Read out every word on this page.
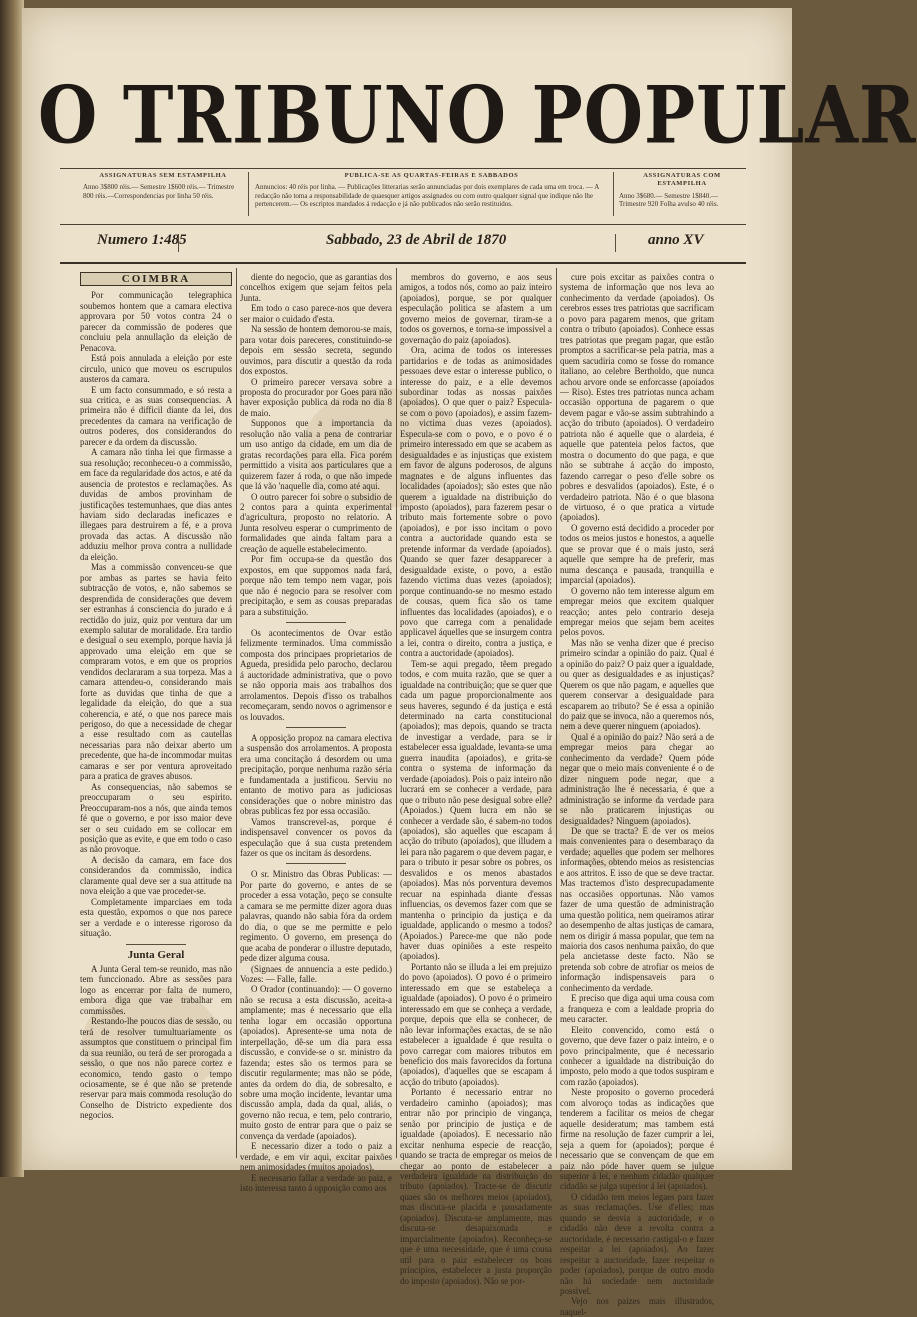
O TRIBUNO POPULAR
ASSIGNATURAS SEM ESTAMPILHA
Anno 3$800 réis.— Semestre 1$600 réis.— Trimestre 800 réis.—Correspondencias por linha 50 réis.
PUBLICA-SE AS QUARTAS-FEIRAS E SABBADOS
Annuncios: 40 réis por linha. — Publicações litterarias serão annunciadas por dois exemplares de cada uma em troca. — A redacção não toma a responsabilidade de quaesquer artigos assignados ou com outro qualquer signal que indique não lhe pertencerem.— Os escriptos mandados á redacção e já não publicados não serão restituidos.
ASSIGNATURAS COM ESTAMPILHA
Anno 3$680.— Semestre 1$840.— Trimestre 920 Folha avulso 40 réis.
Numero 1:485	Sabbado, 23 de Abril de 1870	anno XV
COIMBRA

Por communicação telegraphica soubemos hontem que a camara electiva approvara por 50 votos contra 24 o parecer da commissão de poderes que concluiu pela annullação da eleição de Penacova.

Está pois annulada a eleição por este circulo, unico que moveu os escrupulos austeros da camara.

E um facto consummado, e só resta a sua critica, e as suas consequencias. A primeira não é difficil diante da lei, dos precedentes da camara na verificação de outros poderes, dos considerandos do parecer e da ordem da discussão.

A camara não tinha lei que firmasse a sua resolução; reconheceu-o a commissão, em face da regularidade dos actos, e até da ausencia de protestos e reclamações. As duvidas de ambos provinham de justificações testemunhaes, que dias antes haviam sido declaradas ineficazes e illegaes para destruirem a fé, e a prova provada das actas. A discussão não adduziu melhor prova contra a nullidade da eleição.

Mas a commissão convenceu-se que por ambas as partes se havia feito subtracção de votos, e, não sabemos se desprendida de considerações que devem ser estranhas á consciencia do jurado e á rectidão do juiz, quiz por ventura dar um exemplo salutar de moralidade. Era tardio e desigual o seu exemplo, porque havia já approvado uma eleição em que se compraram votos, e em que os proprios vendidos declararam a sua torpeza. Mas a camara attendeu-o, considerando mais forte as duvidas que tinha de que a legalidade da eleição, do que a sua coherencia, e até, o que nos parece mais perigoso, do que a necessidade de chegar a esse resultado com as cautellas necessarias para não deixar aberto um precedente, que ha-de incommodar muitas camaras e ser por ventura aproveitado para a pratica de graves abusos.

As consequencias, não sabemos se preoccuparam o seu espirito. Preoccuparam-nos a nós, que ainda temos fé que o governo, e por isso maior deve ser o seu cuidado em se collocar em posição que as evite, e que em todo o caso as não provoque.

A decisão da camara, em face dos considerandos da commissão, indica claramente qual deve ser a sua attitude na nova eleição a que vae proceder-se.

Completamente imparciaes em toda esta questão, expomos o que nos parece ser a verdade e o interesse rigoroso da situação.

Junta Geral

A Junta Geral tem-se reunido, mas não tem funccionado. Abre as sessões para logo as encerrar por falta de numero, embora diga que vae trabalhar em commissões.

Restando-lhe poucos dias de sessão, ou terá de resolver tumultuariamente os assumptos que constituem o principal fim da sua reunião, ou terá de ser prorogada a sessão, o que nos não parece cortez e economico, tendo gasto o tempo ociosamente, se é que não se pretende reservar para mais commoda resolução do Conselho de Districto expediente dos negocios.

diente do negocio, que as garantias dos concelhos exigem que sejam feitos pela Junta.

Em todo o caso parece-nos que devera ser maior o cuidado d'esta.

Na sessão de hontem demorou-se mais, para votar dois pareceres, constituindo-se depois em sessão secreta, segundo ouvimos, para discutir a questão da roda dos expostos.

O primeiro parecer versava sobre a proposta do procurador por Goes para não haver exposição publica da roda no dia 8 de maio.

Supponos que a importancia da resolução não valia a pena de contrariar um uso antigo da cidade, em um dia de gratas recordações para ella. Fica porém permittido a visita aos particulares que a quizerem fazer á roda, o que não impede que lá vão 'naquelle dia, como até aqui.

O outro parecer foi sobre o subsidio de 2 contos para a quinta experimental d'agricultura, proposto no relatorio. A Junta resolveu esperar o cumprimento de formalidades que ainda faltam para a creação de aquelle estabelecimento.

Por fim occupa-se da questão dos expostos, em que suppomos nada fará, porque não tem tempo nem vagar, pois que não é negocio para se resolver com precipitação, e sem as cousas preparadas para a substituição.

Os acontecimentos de Ovar estão felizmente terminados. Uma commissão composta dos principaes proprietarios de Agueda, presidida pelo parocho, declarou á auctoridade administrativa, que o povo se não opporia mais aos trabalhos dos arrolamentos. Depois d'isso os trabalhos recomeçaram, sendo novos o agrimensor e os louvados.

A opposição propoz na camara electiva a suspensão dos arrolamentos. A proposta era uma concitação á desordem ou uma precipitação, porque nenhuma razão séria e fundamentada a justificou. Serviu no entanto de motivo para as judiciosas considerações que o nobre ministro das obras publicas fez por essa occasião.

Vamos transcrevel-as, porque é indispensavel convencer os povos da especulação que á sua custa pretendem fazer os que os incitam ás desordens.

O sr. Ministro das Obras Publicas: — Por parte do governo, e antes de se proceder a essa votação, peço se consulte a camara se me permitte dizer agora duas palavras, quando não sabia fóra da ordem do dia, o que se me permitte e pelo regimento. O governo, em presença do que acaba de ponderar o illustre deputado, pede dizer alguma cousa.

(Signaes de annuencia a este pedido.) Vozes: — Falle, falle.

O Orador (continuando): — O governo não se recusa a esta discussão, aceita-a amplamente; mas é necessario que ella tenha logar em occasião opportuna (apoiados). Apresente-se uma nota de interpellação, dê-se um dia para essa discussão, e convide-se o sr. ministro da fazenda; estes são os termos para se discutir regularmente; mas não se póde, antes da ordem do dia, de sobresalto, e sobre uma moção incidente, levantar uma discussão ampla, dada da qual, aliás, o governo não recua, e tem, pelo contrario, muito gosto de entrar para que o paiz se convença da verdade (apoiados).

E necessario dizer a todo o paiz a verdade, e em vir aqui, excitar paixões nem animosidades (muitos apoiados).

E necessario fallar a verdade ao paiz, e isto interessa tanto á opposição como aos

membros do governo, e aos seus amigos, a todos nós, como ao paiz inteiro (apoiados), porque, se por qualquer especulação politica se afastem a um governo meios de governar, tiram-se a todos os governos, e torna-se impossivel a governação do paiz (apoiados).

Ora, acima de todos os interesses partidarios e de todas as animosidades pessoaes deve estar o interesse publico, o interesse do paiz, e a elle devemos subordinar todas as nossas paixões (apoiados). O que quer o paiz? Especula-se com o povo (apoiados), e assim fazem-no victima duas vezes (apoiados). Especula-se com o povo, e o povo é o primeiro interessado em que se acabem as desigualdades e as injustiças que existem em favor de alguns poderosos, de alguns magnates e de alguns influentes das localidades (apoiados); são estes que não querem a igualdade na distribuição do imposto (apoiados), para fazerem pesar o tributo mais fortemente sobre o povo (apoiados), e por isso incitam o povo contra a auctoridade quando esta se pretende informar da verdade (apoiados). Quando se quer fazer desapparecer a desigualdade existe, o povo, a estão fazendo victima duas vezes (apoiados); porque continuando-se no mesmo estado de cousas, quem fica são os tame influentes das localidades (apoiados), e o povo que carrega com a penalidade applicavel áquelles que se insurgem contra a lei, contra o direito, contra a justiça, e contra a auctoridade (apoiados).

Tem-se aqui pregado, têem pregado todos, e com muita razão, que se quer a igualdade na contribuição; que se quer que cada um pague proporcionalmente aos seus haveres, segundo é da justiça e está determinado na carta constitucional (apoiados); mas depois, quando se tracta de investigar a verdade, para se ir estabelecer essa igualdade, levanta-se uma guerra inaudita (apoiados), e grita-se contra o systema de informação da verdade (apoiados). Pois o paiz inteiro não lucrará em se conhecer a verdade, para que o tributo não pese desigual sobre elle? (Apoiados.) Quem lucra em não se conhecer a verdade são, é sabem-no todos (apoiados), são aquelles que escapam á acção do tributo (apoiados), que illudem a lei para não pagarem o que devem pagar, e para o tributo ir pesar sobre os pobres, os desvalidos e os menos abastados (apoiados). Mas nós porventura devemos recuar na espinhada diante d'essas influencias, os devemos fazer com que se mantenha o principio da justiça e da igualdade, applicando o mesmo a todos? (Apoiados.) Parece-me que não pode haver duas opiniões a este respeito (apoiados).

Portanto não se illuda a lei em prejuizo do povo (apoiados). O povo é o primeiro interessado em que se estabeleça a igualdade (apoiados). O povo é o primeiro interessado em que se conheça a verdade, porque, depois que ella se conhecer, de não levar informações exactas, de se não estabelecer a igualdade é que resulta o povo carregar com maiores tributos em beneficio dos mais favorecidos da fortuna (apoiados), d'aquelles que se escapam á acção do tributo (apoiados).

Portanto é necessario entrar no verdadeiro caminho (apoiados); mas entrar não por principio de vingança, senão por principio de justiça e de igualdade (apoiados). E necessario não excitar nenhuma especie de reacção, quando se tracta de empregar os meios de chegar ao ponto de estabelecer a verdadeira igualdade na distribuição do tributo (apoiados). Tracte-se de discutir quaes são os melhores meios (apoiados), mas discuta-se placida e pausadamente (apoiados). Discuta-se amplamente, mas discuta-se desapaixonada e imparcialmente (apoiados). Reconheça-se que é uma necessidade, que é uma cousa util para o paiz estabelecer os bons principios, estabelecer a justa proporção do imposto (apoiados). Não se por-

cure pois excitar as paixões contra o systema de informação que nos leva ao conhecimento da verdade (apoiados). Os cerebros esses tres patriotas que sacrificam o povo para pagarem menos, que gritam contra o tributo (apoiados). Conhece essas tres patriotas que pregam pagar, que estão promptos a sacrificar-se pela patria, mas a quem sacudiria como se fosse do romance italiano, ao celebre Bertholdo, que nunca achou arvore onde se enforcasse (apoiados — Riso). Estes tres patriotas nunca acham occasião opportuna de pagarem o que devem pagar e vão-se assim subtrahindo a acção do tributo (apoiados). O verdadeiro patriota não é aquelle que o alardeia, é aquelle que patenteia pelos factos, que mostra o documento do que paga, e que não se subtrahe á acção do imposto, fazendo carregar o peso d'elle sobre os pobres e desvalidos (apoiados). Este, é o verdadeiro patriota. Não é o que blasona de virtuoso, é o que pratica a virtude (apoiados).

O governo está decidido a proceder por todos os meios justos e honestos, a aquelle que se provar que é o mais justo, será aquelle que sempre ha de preferir, mas numa descança e pausada, tranquilla e imparcial (apoiados).

O governo não tem interesse algum em empregar meios que excitem qualquer reacção; antes pelo contrario deseja empregar meios que sejam bem aceites pelos povos.

Mas não se venha dizer que é preciso primeiro scindar a opinião do paiz. Qual é a opinião do paiz? O paiz quer a igualdade, ou quer as desigualdades e as injustiças? Querem os que não pagam, e aquelles que querem conservar a desigualdade para escaparem ao tributo? Se é essa a opinião do paiz que se invoca, não a queremos nós, nem a deve querer ninguem (apoiados).

Qual é a opinião do paiz? Não será a de empregar meios para chegar ao conhecimento da verdade? Quem póde negar que o meio mais conveniente é o de dizer ninguem pode negar, que a administração lhe é necessaria, é que a administração se informe da verdade para se não praticarem injustiças ou desigualdades? Ninguem (apoiados).

De que se tracta? E de ver os meios mais convenientes para o desembaraço da verdade; aquelles que podem ser melhores informações, obtendo meios as resistencias e aos attritos. E isso de que se deve tractar. Mas tractemos d'isto desprecupadamente nas occasiões opportunas. Não vamos fazer de uma questão de administração uma questão politica, nem queiramos atirar ao desempenho de altas justiças de camara, nem os dirigir á massa popular, que tem na maioria dos casos nenhuma paixão, do que pela ancietasse deste facto. Não se pretenda sob cobre de atrofiar os meios de informação indispensaveis para o conhecimento da verdade.

E preciso que diga aqui uma cousa com a franqueza e com a lealdade propria do meu caracter.

Eleito convencido, como está o governo, que deve fazer o paiz inteiro, e o povo principalmente, que é necessario conhecer a igualdade na distribuição do imposto, pelo modo a que todos suspiram e com razão (apoiados).

Neste proposito o governo procederá com alvoroço todas as indicações que tenderem a facilitar os meios de chegar aquelle desideratum; mas tambem está firme na resolução de fazer cumprir a lei, seja a quem for (apoiados); porque é necessario que se convençam de que em paiz não póde haver quem se julgue superior á lei, e nenhum cidadão qualquer cidadão se julga superior á lei (apoiados).

O cidadão tem meios legaes para fazer as suas reclamações. Use d'elles; mas quando se desvia a auctoridade, e o cidadão não deve a revolta contra a auctoridade, é necessario castigal-o e fazer respeitar a lei (apoiados). Ao fazer respeitar a auctoridade, fazer respeitar o poder (apoiados), porque de outro modo não há sociedade nem auctoridade possivel.

Vejo nos paizes mais illustrados, naquel-
